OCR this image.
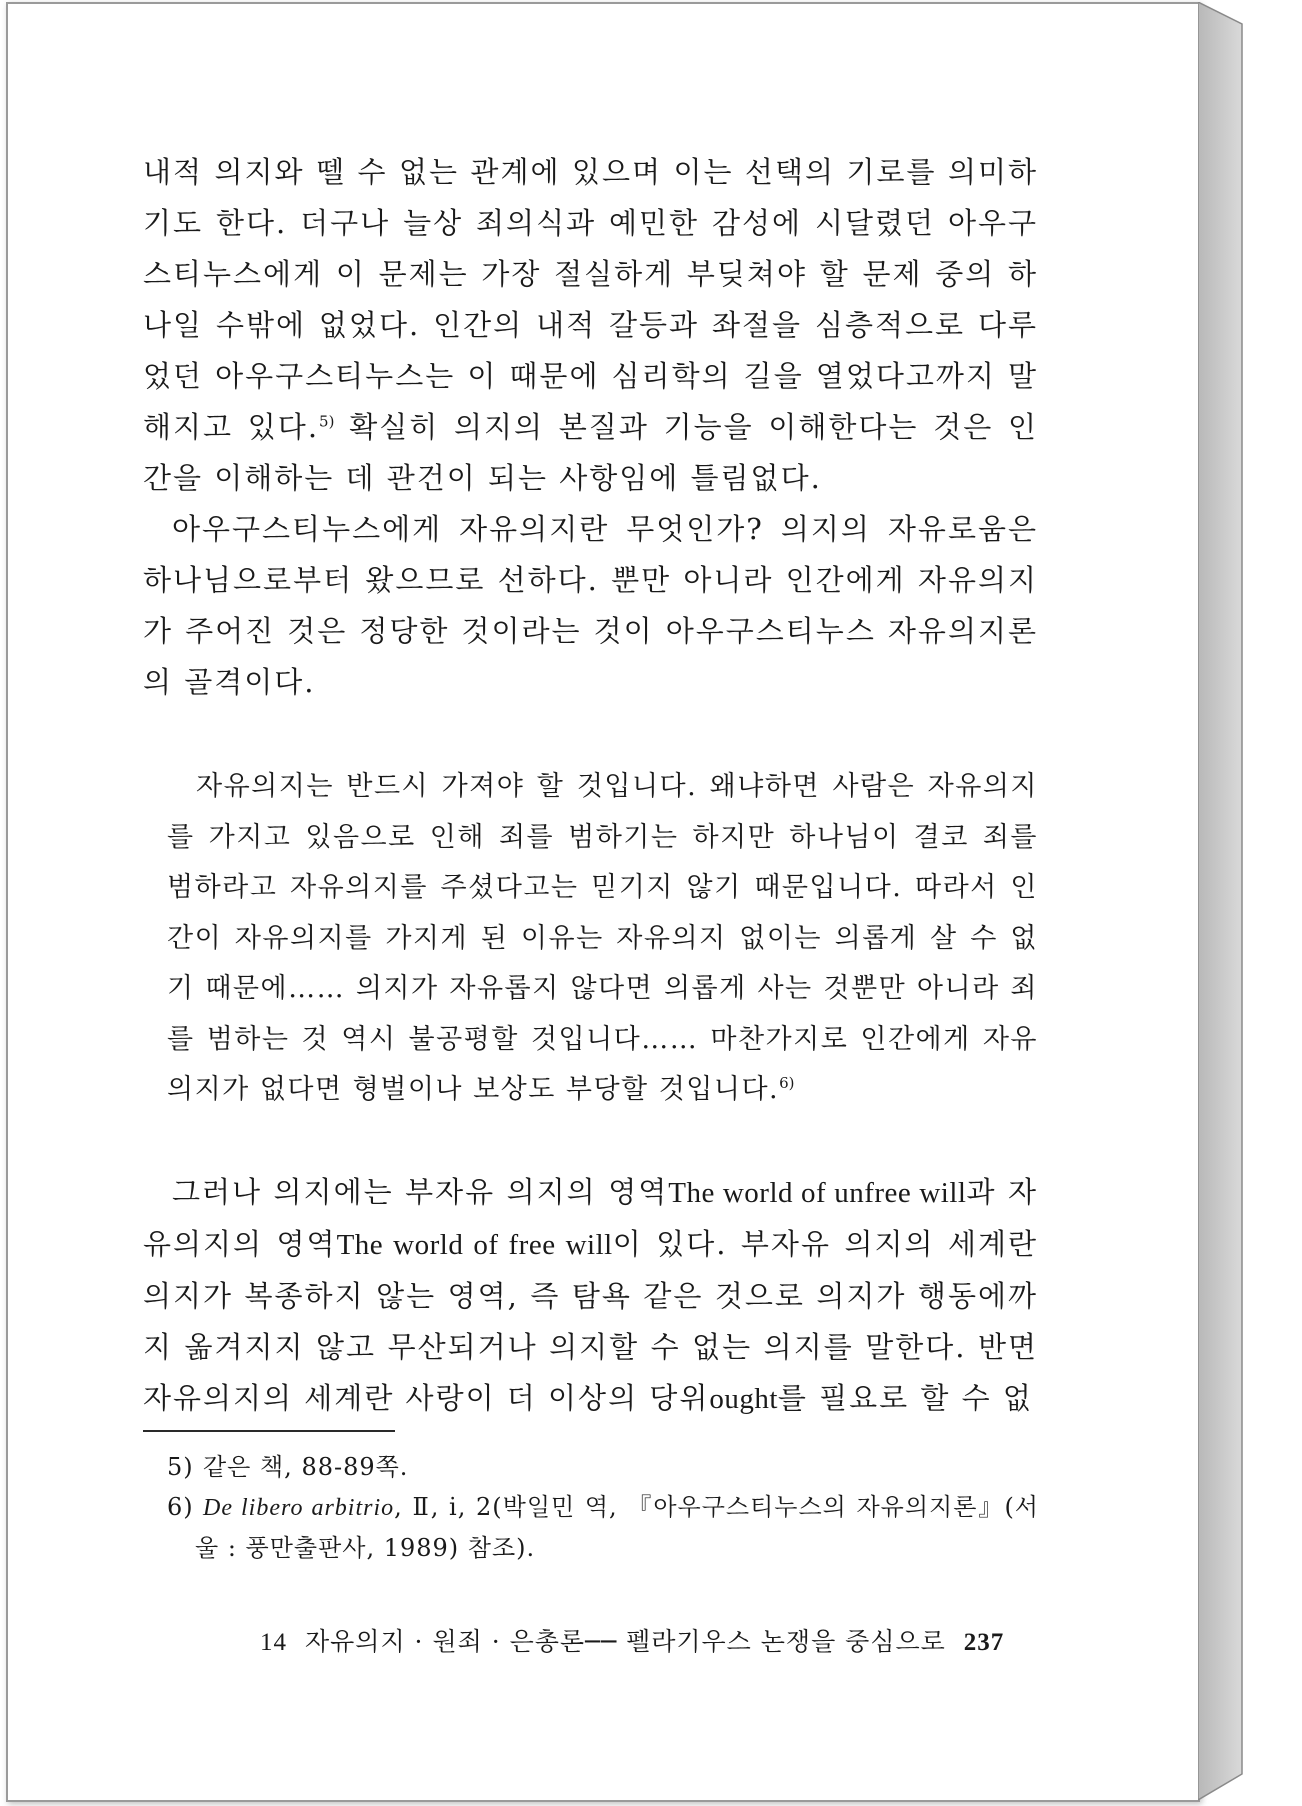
내적 의지와 뗄 수 없는 관계에 있으며 이는 선택의 기로를 의미하기도 한다. 더구나 늘상 죄의식과 예민한 감성에 시달렸던 아우구스티누스에게 이 문제는 가장 절실하게 부딪쳐야 할 문제 중의 하나일 수밖에 없었다. 인간의 내적 갈등과 좌절을 심층적으로 다루었던 아우구스티누스는 이 때문에 심리학의 길을 열었다고까지 말해지고 있다.$^{5)}$ 확실히 의지의 본질과 기능을 이해한다는 것은 인간을 이해하는 데 관건이 되는 사항임에 틀림없다.

아우구스티누스에게 자유의지란 무엇인가? 의지의 자유로움은 하나님으로부터 왔으므로 선하다. 뿐만 아니라 인간에게 자유의지가 주어진 것은 정당한 것이라는 것이 아우구스티누스 자유의지론의 골격이다.

자유의지는 반드시 가져야 할 것입니다. 왜냐하면 사람은 자유의지를 가지고 있음으로 인해 죄를 범하기는 하지만 하나님이 결코 죄를 범하라고 자유의지를 주셨다고는 믿기지 않기 때문입니다. 따라서 인간이 자유의지를 가지게 된 이유는 자유의지 없이는 의롭게 살 수 없기 때문에…… 의지가 자유롭지 않다면 의롭게 사는 것뿐만 아니라 죄를 범하는 것 역시 불공평할 것입니다…… 마찬가지로 인간에게 자유의지가 없다면 형벌이나 보상도 부당할 것입니다.$^{6)}$

그러나 의지에는 부자유 의지의 영역The world of unfree will과 자유의지의 영역The world of free will이 있다. 부자유 의지의 세계란 의지가 복종하지 않는 영역, 즉 탐욕 같은 것으로 의지가 행동에까지 옮겨지지 않고 무산되거나 의지할 수 없는 의지를 말한다. 반면 자유의지의 세계란 사랑이 더 이상의 당위ought를 필요로 할 수 없

5) 같은 책, 88-89쪽.

6) De libero arbitrio, Ⅱ, i, 2(박일민 역, 『아우구스티누스의 자유의지론』(서울 : 풍만출판사, 1989) 참조).

14 자유의지 · 원죄 · 은총론── 펠라기우스 논쟁을 중심으로 237
